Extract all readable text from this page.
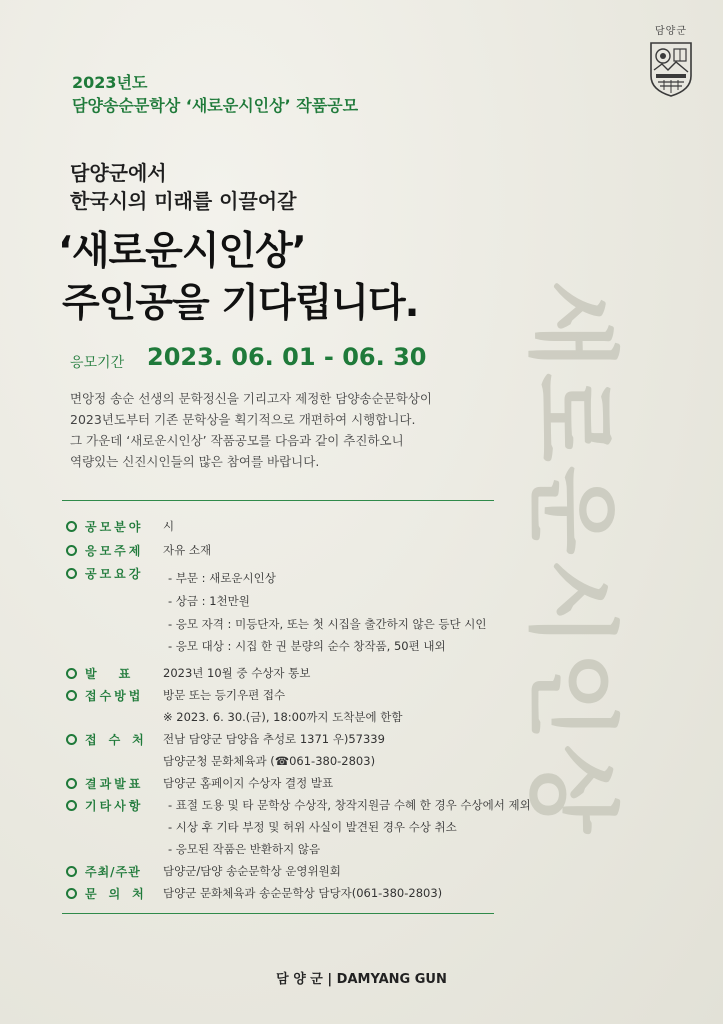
담양군
2023년도
담양송순문학상 ‘새로운시인상’ 작품공모
담양군에서
한국시의 미래를 이끌어갈
‘새로운시인상’
주인공을 기다립니다. 새로운시인상
응모기간 2023. 06. 01 - 06. 30
면앙정 송순 선생의 문학정신을 기리고자 제정한 담양송순문학상이
2023년도부터 기존 문학상을 획기적으로 개편하여 시행합니다.
그 가운데 ‘새로운시인상’ 작품공모를 다음과 같이 추진하오니
역량있는 신진시인들의 많은 참여를 바랍니다.
공모분야 시
응모주제 자유 소재
공모요강 - 부문 : 새로운시인상
- 상금 : 1천만원
- 응모 자격 : 미등단자, 또는 첫 시집을 출간하지 않은 등단 시인
- 응모 대상 : 시집 한 권 분량의 순수 창작품, 50편 내외
발표 2023년 10월 중 수상자 통보
접수방법 방문 또는 등기우편 접수
※ 2023. 6. 30.(금), 18:00까지 도착분에 한함
접수처 전남 담양군 담양읍 추성로 1371 우)57339
담양군청 문화체육과 (☎061-380-2803)
결과발표 담양군 홈페이지 수상자 결정 발표
기타사항 - 표절 도용 및 타 문학상 수상작, 창작지원금 수혜 한 경우 수상에서 제외
- 시상 후 기타 부정 및 허위 사실이 발견된 경우 수상 취소
- 응모된 작품은 반환하지 않음
주최/주관 담양군/담양 송순문학상 운영위원회
문의처 담양군 문화체육과 송순문학상 담당자(061-380-2803)
담 양 군 | DAMYANG GUN
